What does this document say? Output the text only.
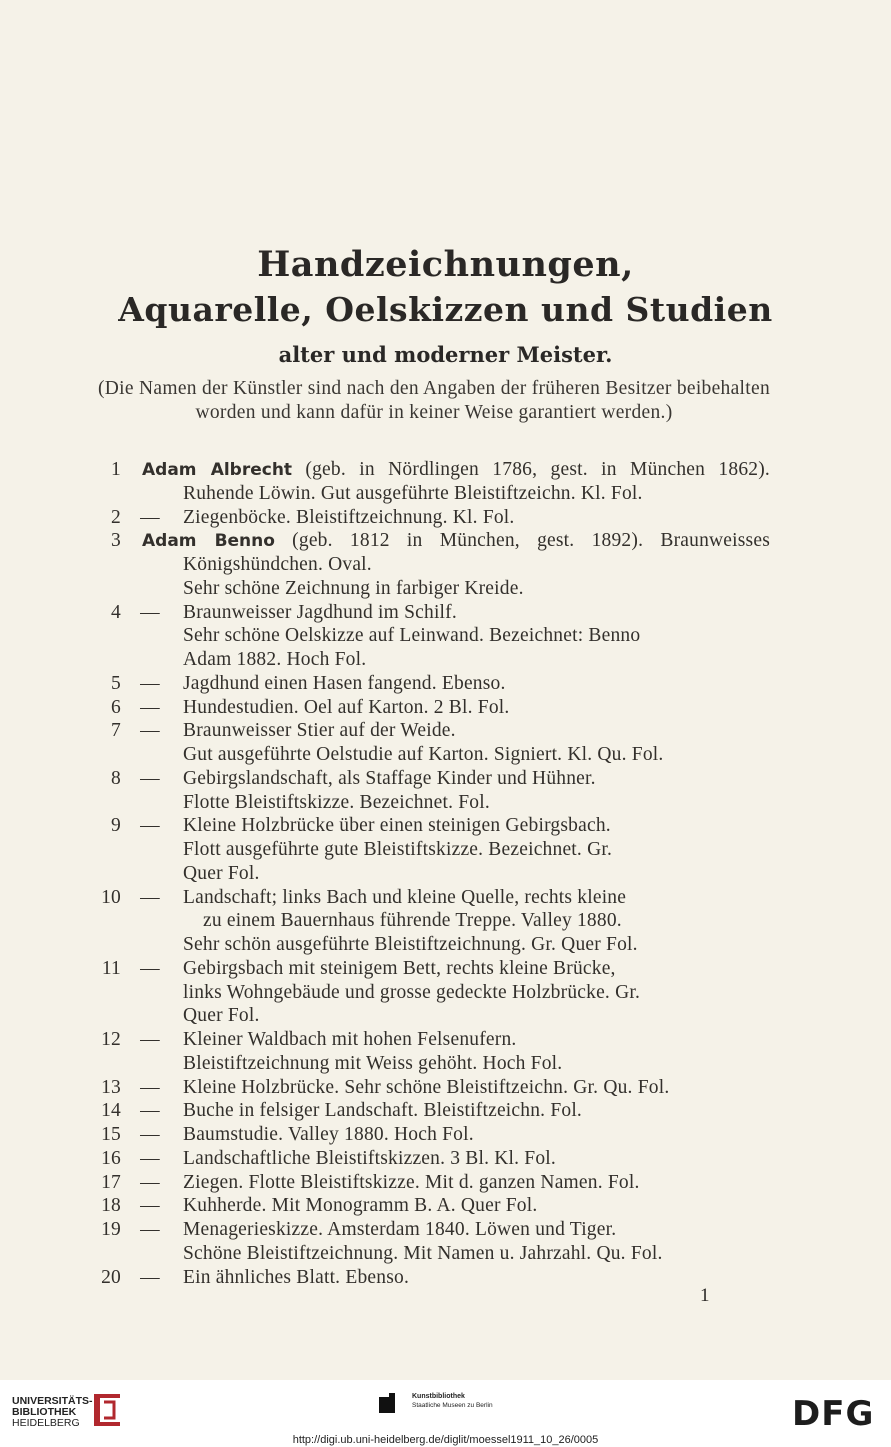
Handzeichnungen,
Aquarelle, Oelskizzen und Studien
alter und moderner Meister.
(Die Namen der Künstler sind nach den Angaben der früheren Besitzer beibehalten worden und kann dafür in keiner Weise garantiert werden.)
1 Adam Albrecht (geb. in Nördlingen 1786, gest. in München 1862).
Ruhende Löwin. Gut ausgeführte Bleistiftzeichn. Kl. Fol.
2 — Ziegenböcke. Bleistiftzeichnung. Kl. Fol.
3 Adam Benno (geb. 1812 in München, gest. 1892). Braunweisses
Königshündchen. Oval.
Sehr schöne Zeichnung in farbiger Kreide.
4 — Braunweisser Jagdhund im Schilf.
Sehr schöne Oelskizze auf Leinwand. Bezeichnet: Benno
Adam 1882. Hoch Fol.
5 — Jagdhund einen Hasen fangend. Ebenso.
6 — Hundestudien. Oel auf Karton. 2 Bl. Fol.
7 — Braunweisser Stier auf der Weide.
Gut ausgeführte Oelstudie auf Karton. Signiert. Kl. Qu. Fol.
8 — Gebirgslandschaft, als Staffage Kinder und Hühner.
Flotte Bleistiftskizze. Bezeichnet. Fol.
9 — Kleine Holzbrücke über einen steinigen Gebirgsbach.
Flott ausgeführte gute Bleistiftskizze. Bezeichnet. Gr.
Quer Fol.
10 — Landschaft; links Bach und kleine Quelle, rechts kleine
zu einem Bauernhaus führende Treppe. Valley 1880.
Sehr schön ausgeführte Bleistiftzeichnung. Gr. Quer Fol.
11 — Gebirgsbach mit steinigem Bett, rechts kleine Brücke,
links Wohngebäude und grosse gedeckte Holzbrücke. Gr.
Quer Fol.
12 — Kleiner Waldbach mit hohen Felsenufern.
Bleistiftzeichnung mit Weiss gehöht. Hoch Fol.
13 — Kleine Holzbrücke. Sehr schöne Bleistiftzeichn. Gr. Qu. Fol.
14 — Buche in felsiger Landschaft. Bleistiftzeichn. Fol.
15 — Baumstudie. Valley 1880. Hoch Fol.
16 — Landschaftliche Bleistiftskizzen. 3 Bl. Kl. Fol.
17 — Ziegen. Flotte Bleistiftskizze. Mit d. ganzen Namen. Fol.
18 — Kuhherde. Mit Monogramm B. A. Quer Fol.
19 — Menagerieskizze. Amsterdam 1840. Löwen und Tiger.
Schöne Bleistiftzeichnung. Mit Namen u. Jahrzahl. Qu. Fol.
20 — Ein ähnliches Blatt. Ebenso.
1
UNIVERSITÄTS-
BIBLIOTHEK
HEIDELBERG
Kunstbibliothek
Staatliche Museen zu Berlin	DFG
http://digi.ub.uni-heidelberg.de/diglit/moessel1911_10_26/0005
